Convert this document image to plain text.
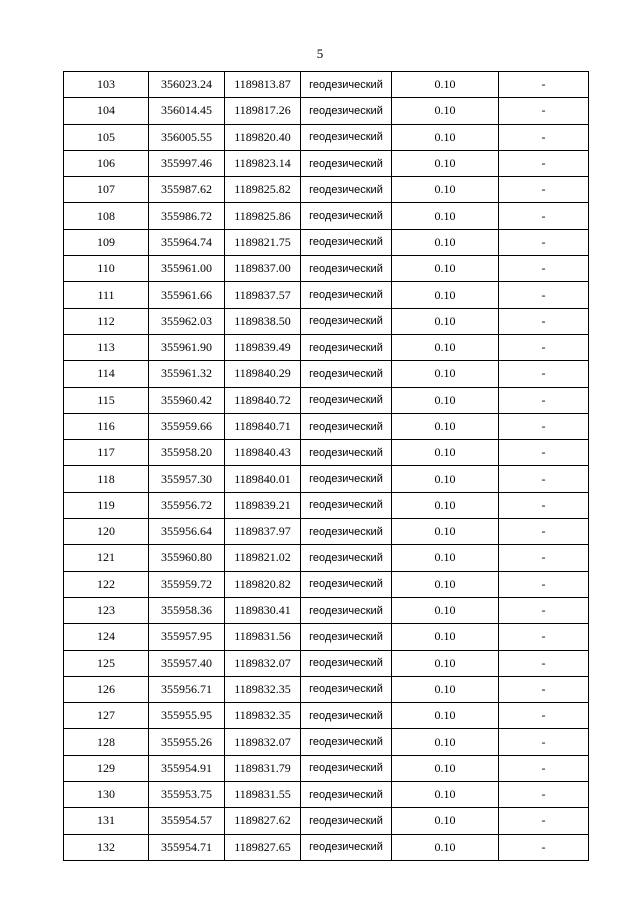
5
103	356023.24	1189813.87	геодезический	0.10	-
104	356014.45	1189817.26	геодезический	0.10	-
105	356005.55	1189820.40	геодезический	0.10	-
106	355997.46	1189823.14	геодезический	0.10	-
107	355987.62	1189825.82	геодезический	0.10	-
108	355986.72	1189825.86	геодезический	0.10	-
109	355964.74	1189821.75	геодезический	0.10	-
110	355961.00	1189837.00	геодезический	0.10	-
111	355961.66	1189837.57	геодезический	0.10	-
112	355962.03	1189838.50	геодезический	0.10	-
113	355961.90	1189839.49	геодезический	0.10	-
114	355961.32	1189840.29	геодезический	0.10	-
115	355960.42	1189840.72	геодезический	0.10	-
116	355959.66	1189840.71	геодезический	0.10	-
117	355958.20	1189840.43	геодезический	0.10	-
118	355957.30	1189840.01	геодезический	0.10	-
119	355956.72	1189839.21	геодезический	0.10	-
120	355956.64	1189837.97	геодезический	0.10	-
121	355960.80	1189821.02	геодезический	0.10	-
122	355959.72	1189820.82	геодезический	0.10	-
123	355958.36	1189830.41	геодезический	0.10	-
124	355957.95	1189831.56	геодезический	0.10	-
125	355957.40	1189832.07	геодезический	0.10	-
126	355956.71	1189832.35	геодезический	0.10	-
127	355955.95	1189832.35	геодезический	0.10	-
128	355955.26	1189832.07	геодезический	0.10	-
129	355954.91	1189831.79	геодезический	0.10	-
130	355953.75	1189831.55	геодезический	0.10	-
131	355954.57	1189827.62	геодезический	0.10	-
132	355954.71	1189827.65	геодезический	0.10	-
